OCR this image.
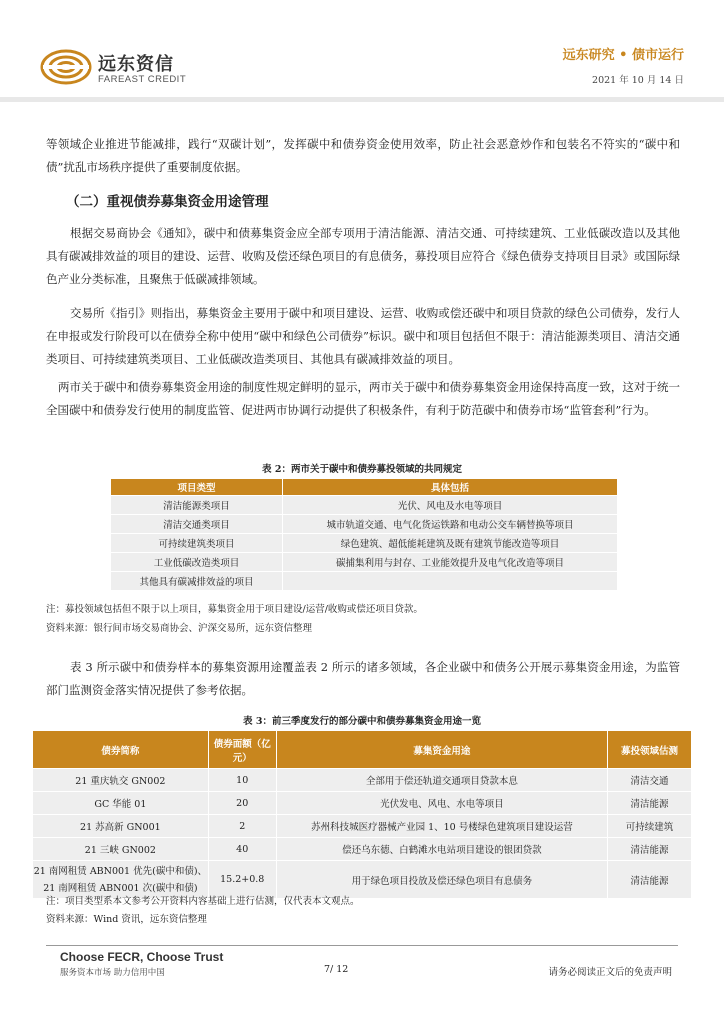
远东资信
FAREAST CREDIT
远东研究 • 债市运行
2021 年 10 月 14 日
等领域企业推进节能减排，践行“双碳计划”，发挥碳中和债券资金使用效率，防止社会恶意炒作和包装名不符实的“碳中和债”扰乱市场秩序提供了重要制度依据。
（二）重视债券募集资金用途管理
根据交易商协会《通知》，碳中和债募集资金应全部专项用于清洁能源、清洁交通、可持续建筑、工业低碳改造以及其他具有碳减排效益的项目的建设、运营、收购及偿还绿色项目的有息债务，募投项目应符合《绿色债券支持项目目录》或国际绿色产业分类标准，且聚焦于低碳减排领域。
交易所《指引》则指出，募集资金主要用于碳中和项目建设、运营、收购或偿还碳中和项目贷款的绿色公司债券，发行人在申报或发行阶段可以在债券全称中使用“碳中和绿色公司债券”标识。碳中和项目包括但不限于：清洁能源类项目、清洁交通类项目、可持续建筑类项目、工业低碳改造类项目、其他具有碳减排效益的项目。
两市关于碳中和债券募集资金用途的制度性规定鲜明的显示，两市关于碳中和债券募集资金用途保持高度一致，这对于统一全国碳中和债券发行使用的制度监管、促进两市协调行动提供了积极条件，有利于防范碳中和债券市场“监管套利”行为。
表 2：两市关于碳中和债券募投领域的共同规定
项目类型	具体包括
清洁能源类项目	光伏、风电及水电等项目
清洁交通类项目	城市轨道交通、电气化货运铁路和电动公交车辆替换等项目
可持续建筑类项目	绿色建筑、超低能耗建筑及既有建筑节能改造等项目
工业低碳改造类项目	碳捕集利用与封存、工业能效提升及电气化改造等项目
其他具有碳减排效益的项目	
注：募投领域包括但不限于以上项目，募集资金用于项目建设/运营/收购或偿还项目贷款。
资料来源：银行间市场交易商协会、沪深交易所，远东资信整理
表 3 所示碳中和债券样本的募集资源用途覆盖表 2 所示的诸多领域，各企业碳中和债务公开展示募集资金用途，为监管部门监测资金落实情况提供了参考依据。
表 3：前三季度发行的部分碳中和债券募集资金用途一览
债券简称	债券面额（亿元）	募集资金用途	募投领域估测
21 重庆轨交 GN002	10	全部用于偿还轨道交通项目贷款本息	清洁交通
GC 华能 01	20	光伏发电、风电、水电等项目	清洁能源
21 苏高新 GN001	2	苏州科技城医疗器械产业园 1、10 号楼绿色建筑项目建设运营	可持续建筑
21 三峡 GN002	40	偿还乌东德、白鹤滩水电站项目建设的银团贷款	清洁能源
21 南网租赁 ABN001 优先(碳中和债)、
21 南网租赁 ABN001 次(碳中和债)	15.2+0.8	用于绿色项目投放及偿还绿色项目有息债务	清洁能源
注：项目类型系本文参考公开资料内容基础上进行估测，仅代表本文观点。
资料来源：Wind 资讯，远东资信整理
Choose FECR, Choose Trust
服务资本市场 助力信用中国	7/ 12	请务必阅读正文后的免责声明
